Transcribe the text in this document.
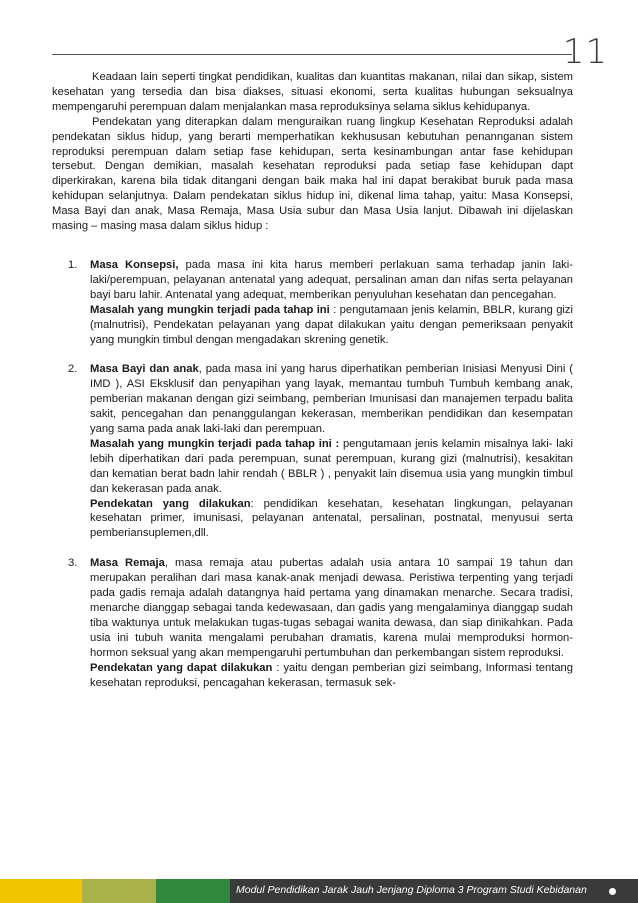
11

Keadaan lain seperti tingkat pendidikan, kualitas dan kuantitas makanan, nilai dan sikap, sistem kesehatan yang tersedia dan bisa diakses, situasi ekonomi, serta kualitas hubungan seksualnya mempengaruhi perempuan dalam menjalankan masa reproduksinya selama siklus kehidupanya.

Pendekatan yang diterapkan dalam menguraikan ruang lingkup Kesehatan Reproduksi adalah pendekatan siklus hidup, yang berarti memperhatikan kekhususan kebutuhan penannganan sistem reproduksi perempuan dalam setiap fase kehidupan, serta kesinambungan antar fase kehidupan tersebut. Dengan demikian, masalah kesehatan reproduksi pada setiap fase kehidupan dapt diperkirakan, karena bila tidak ditangani dengan baik maka hal ini dapat berakibat buruk pada masa kehidupan selanjutnya. Dalam pendekatan siklus hidup ini, dikenal lima tahap, yaitu: Masa Konsepsi, Masa Bayi dan anak, Masa Remaja, Masa Usia subur dan Masa Usia lanjut. Dibawah ini dijelaskan masing – masing masa dalam siklus hidup :

1. Masa Konsepsi, pada masa ini kita harus memberi perlakuan sama terhadap janin laki-laki/perempuan, pelayanan antenatal yang adequat, persalinan aman dan nifas serta pelayanan bayi baru lahir. Antenatal yang adequat, memberikan penyuluhan kesehatan dan pencegahan.
Masalah yang mungkin terjadi pada tahap ini : pengutamaan jenis kelamin, BBLR, kurang gizi (malnutrisi), Pendekatan pelayanan yang dapat dilakukan yaitu dengan pemeriksaan penyakit yang mungkin timbul dengan mengadakan skrening genetik.
2. Masa Bayi dan anak, pada masa ini yang harus diperhatikan pemberian Inisiasi Menyusi Dini ( IMD ), ASI Eksklusif dan penyapihan yang layak, memantau tumbuh Tumbuh kembang anak, pemberian makanan dengan gizi seimbang, pemberian Imunisasi dan manajemen terpadu balita sakit, pencegahan dan penanggulangan kekerasan, memberikan pendidikan dan kesempatan yang sama pada anak laki-laki dan perempuan.
Masalah yang mungkin terjadi pada tahap ini : pengutamaan jenis kelamin misalnya laki- laki lebih diperhatikan dari pada perempuan, sunat perempuan, kurang gizi (malnutrisi), kesakitan dan kematian berat badn lahir rendah ( BBLR ) , penyakit lain disemua usia yang mungkin timbul dan kekerasan pada anak.
Pendekatan yang dilakukan: pendidikan kesehatan, kesehatan lingkungan, pelayanan kesehatan primer, imunisasi, pelayanan antenatal, persalinan, postnatal, menyusui serta pemberiansuplemen,dll.
3. Masa Remaja, masa remaja atau pubertas adalah usia antara 10 sampai 19 tahun dan merupakan peralihan dari masa kanak-anak menjadi dewasa. Peristiwa terpenting yang terjadi pada gadis remaja adalah datangnya haid pertama yang dinamakan menarche. Secara tradisi, menarche dianggap sebagai tanda kedewasaan, dan gadis yang mengalaminya dianggap sudah tiba waktunya untuk melakukan tugas-tugas sebagai wanita dewasa, dan siap dinikahkan. Pada usia ini tubuh wanita mengalami perubahan dramatis, karena mulai memproduksi hormon-hormon seksual yang akan mempengaruhi pertumbuhan dan perkembangan sistem reproduksi.
Pendekatan yang dapat dilakukan : yaitu dengan pemberian gizi seimbang, Informasi tentang kesehatan reproduksi, pencagahan kekerasan, termasuk sek-
Modul Pendidikan Jarak Jauh Jenjang Diploma 3 Program Studi Kebidanan
